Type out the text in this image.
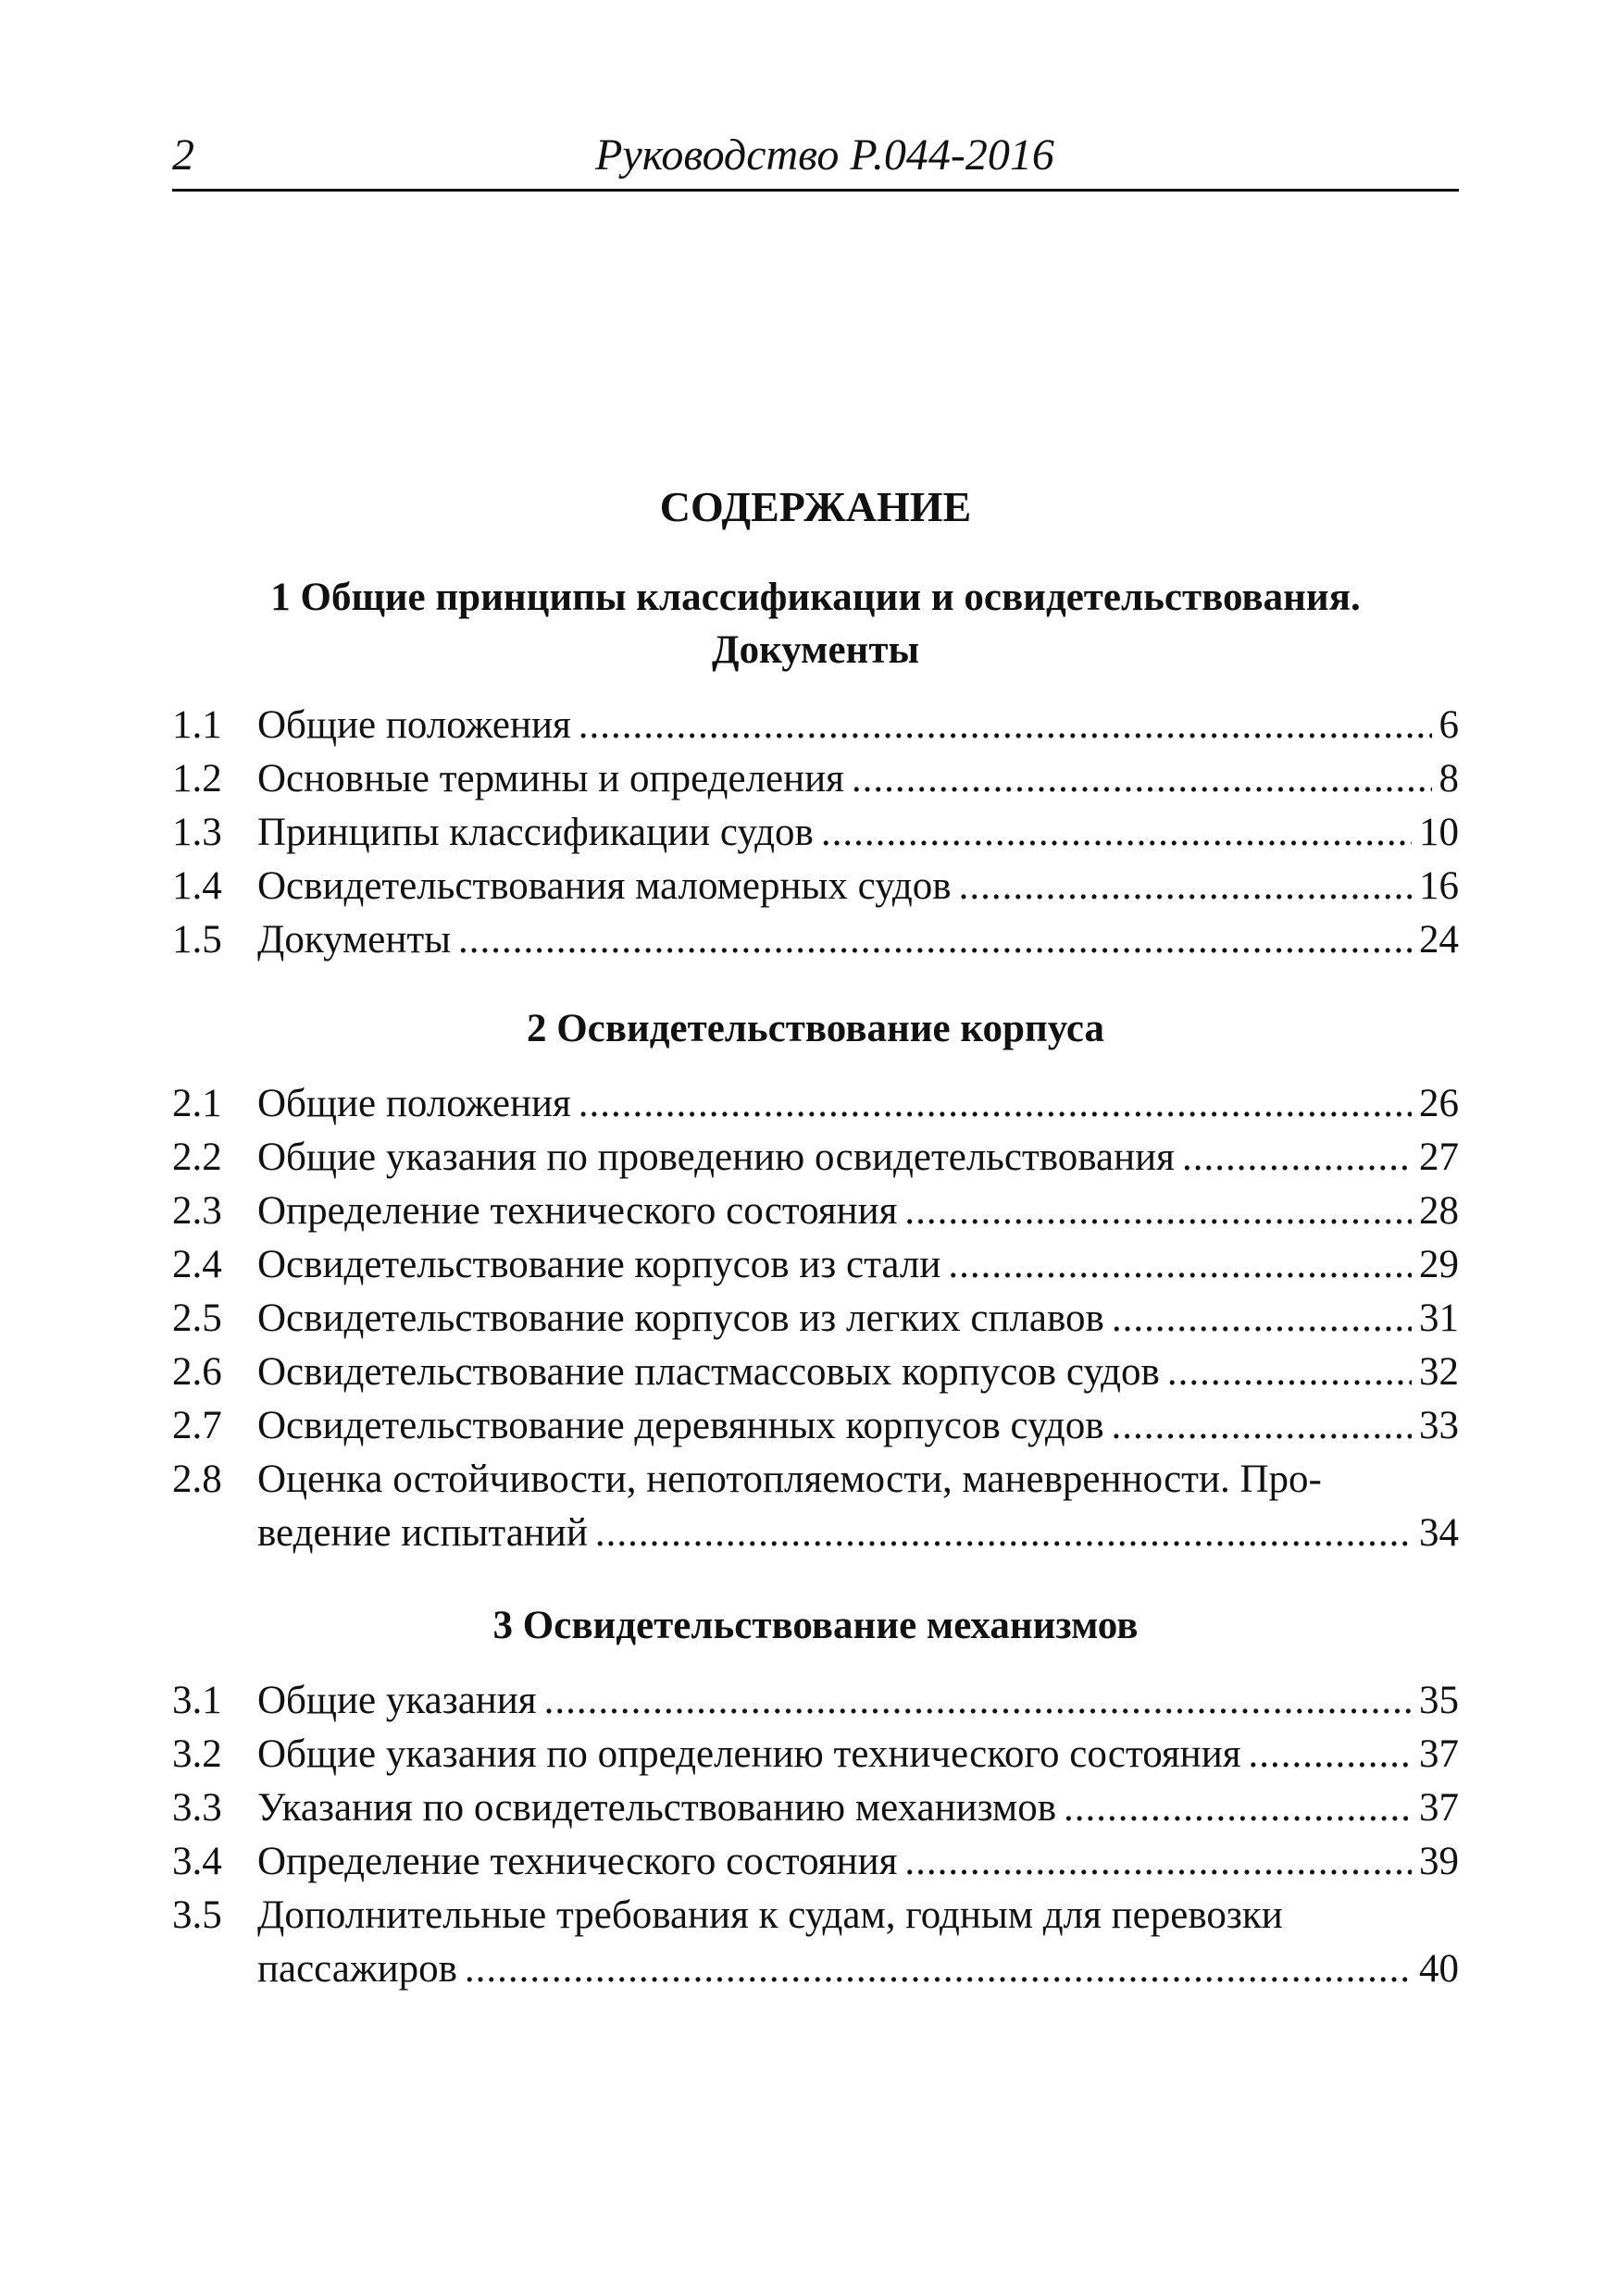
2	Руководство Р.044-2016
СОДЕРЖАНИЕ
1 Общие принципы классификации и освидетельствования.
Документы
1.1 Общие положения .....	6
1.2 Основные термины и определения .....	8
1.3 Принципы классификации судов .....	10
1.4 Освидетельствования маломерных судов .....	16
1.5 Документы .....	24
2 Освидетельствование корпуса
2.1 Общие положения .....	26
2.2 Общие указания по проведению освидетельствования .....	27
2.3 Определение технического состояния .....	28
2.4 Освидетельствование корпусов из стали .....	29
2.5 Освидетельствование корпусов из легких сплавов .....	31
2.6 Освидетельствование пластмассовых корпусов судов .....	32
2.7 Освидетельствование деревянных корпусов судов .....	33
2.8 Оценка остойчивости, непотопляемости, маневренности. Про-
ведение испытаний .....	34
3 Освидетельствование механизмов
3.1 Общие указания .....	35
3.2 Общие указания по определению технического состояния .....	37
3.3 Указания по освидетельствованию механизмов .....	37
3.4 Определение технического состояния .....	39
3.5 Дополнительные требования к судам, годным для перевозки
пассажиров .....	40
